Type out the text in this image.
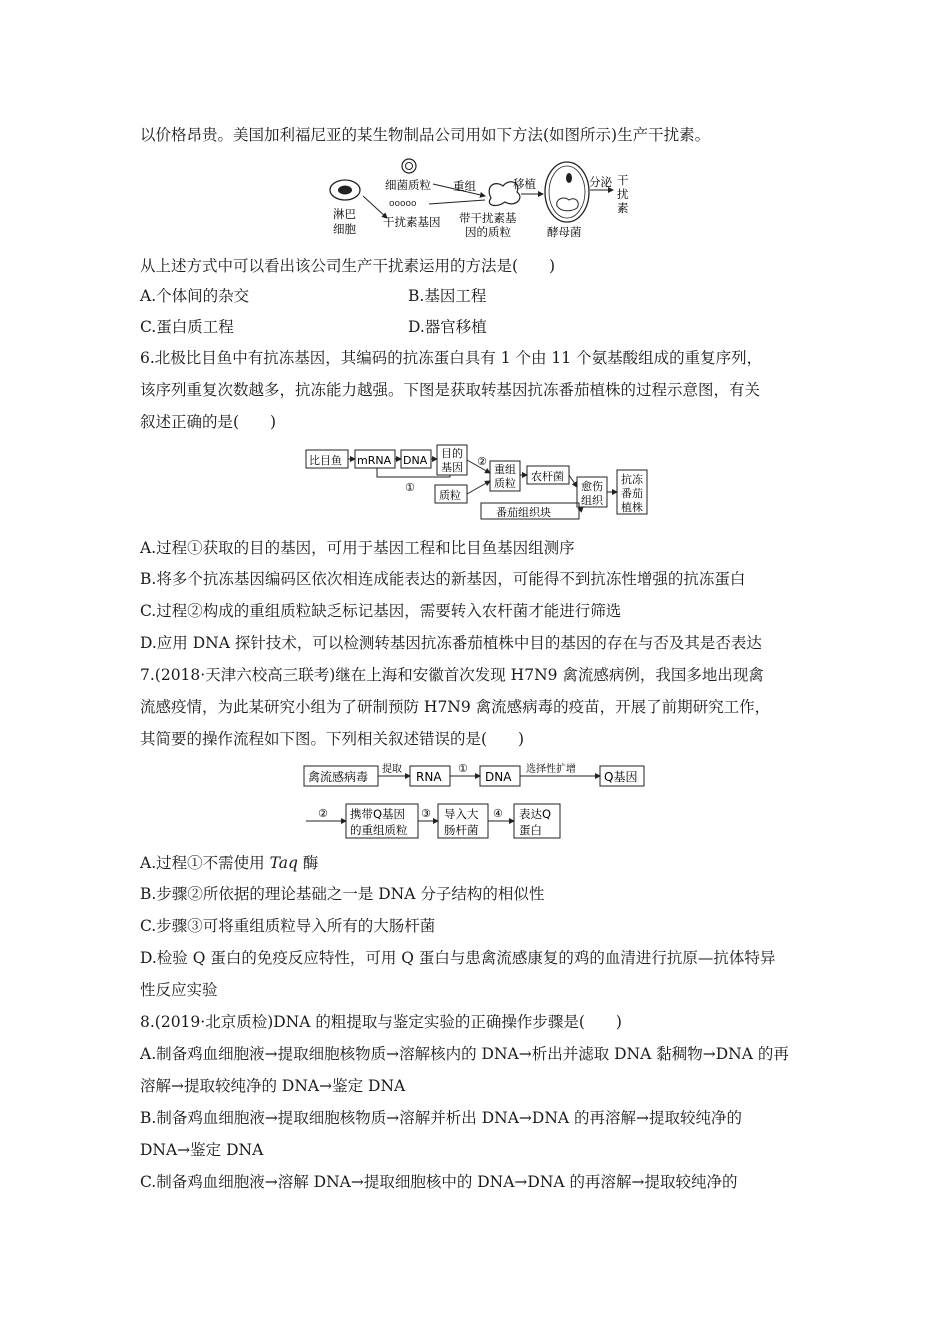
以价格昂贵。美国加利福尼亚的某生物制品公司用如下方法(如图所示)生产干扰素。
淋巴
细胞
细菌质粒
ooooo
干扰素基因
重组
带干扰素基
因的质粒
移植
酵母菌
分泌 干
扰
素
从上述方式中可以看出该公司生产干扰素运用的方法是(　　)
A.个体间的杂交	B.基因工程
C.蛋白质工程	D.器官移植
6.北极比目鱼中有抗冻基因，其编码的抗冻蛋白具有 1 个由 11 个氨基酸组成的重复序列，
该序列重复次数越多，抗冻能力越强。下图是获取转基因抗冻番茄植株的过程示意图，有关
叙述正确的是(　　)
比目鱼 mRNA DNA
目的
基因
①
质粒
②
重组
质粒
农杆菌
番茄组织块
愈伤
组织
抗冻
番茄
植株
A.过程①获取的目的基因，可用于基因工程和比目鱼基因组测序
B.将多个抗冻基因编码区依次相连成能表达的新基因，可能得不到抗冻性增强的抗冻蛋白
C.过程②构成的重组质粒缺乏标记基因，需要转入农杆菌才能进行筛选
D.应用 DNA 探针技术，可以检测转基因抗冻番茄植株中目的基因的存在与否及其是否表达
7.(2018·天津六校高三联考)继在上海和安徽首次发现 H7N9 禽流感病例，我国多地出现禽
流感疫情，为此某研究小组为了研制预防 H7N9 禽流感病毒的疫苗，开展了前期研究工作，
其简要的操作流程如下图。下列相关叙述错误的是(　　)
禽流感病毒
提取
RNA
①
DNA
选择性扩增
Q基因
② 携带Q基因
的重组质粒
③ 导入大
肠杆菌
④ 表达Q
蛋白
A.过程①不需使用 Taq 酶
B.步骤②所依据的理论基础之一是 DNA 分子结构的相似性
C.步骤③可将重组质粒导入所有的大肠杆菌
D.检验 Q 蛋白的免疫反应特性，可用 Q 蛋白与患禽流感康复的鸡的血清进行抗原—抗体特异
性反应实验
8.(2019·北京质检)DNA 的粗提取与鉴定实验的正确操作步骤是(　　)
A.制备鸡血细胞液→提取细胞核物质→溶解核内的 DNA→析出并滤取 DNA 黏稠物→DNA 的再
溶解→提取较纯净的 DNA→鉴定 DNA
B.制备鸡血细胞液→提取细胞核物质→溶解并析出 DNA→DNA 的再溶解→提取较纯净的
DNA→鉴定 DNA
C.制备鸡血细胞液→溶解 DNA→提取细胞核中的 DNA→DNA 的再溶解→提取较纯净的
